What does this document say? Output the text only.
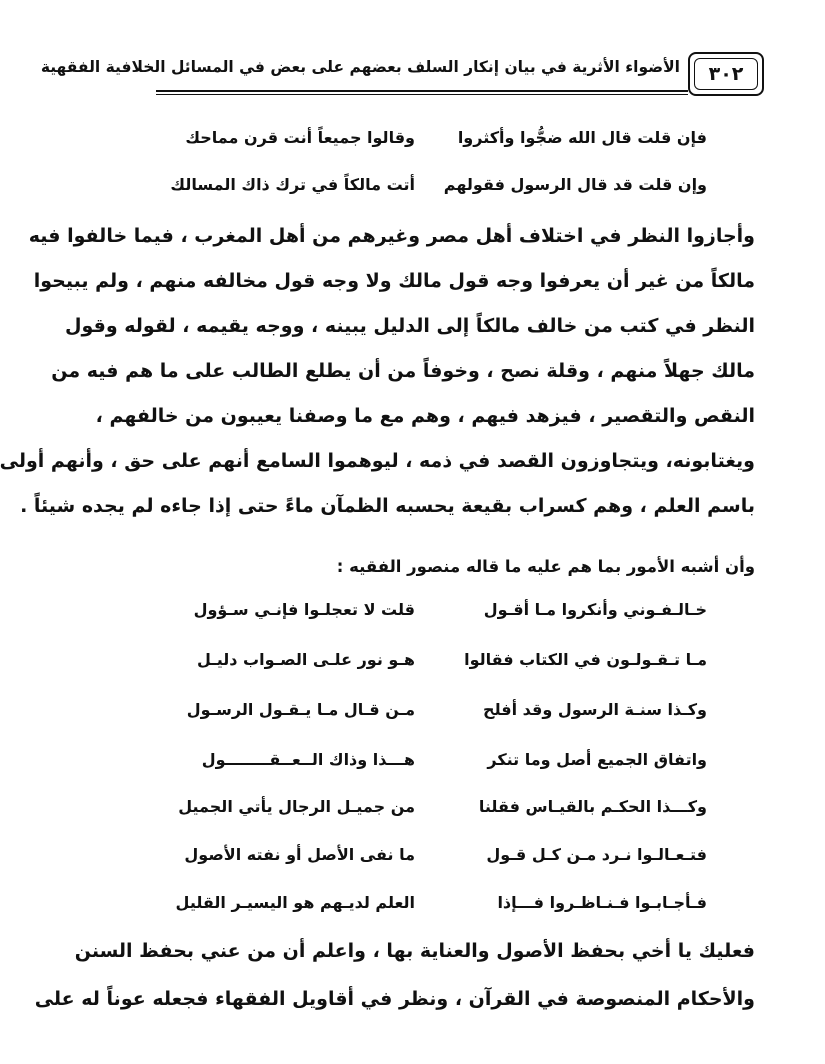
٣٠٢
الأضواء الأثرية في بيان إنكار السلف بعضهم على بعض في المسائل الخلافية الفقهية
فإن قلت قال الله ضجُّوا وأكثروا
وقالوا جميعاً أنت قرن مماحك
وإن قلت قد قال الرسول فقولهم
أتت مالكاً في ترك ذاك المسالك
وأجازوا النظر في اختلاف أهل مصر وغيرهم من أهل المغرب ، فيما خالفوا فيه
مالكاً من غير أن يعرفوا وجه قول مالك ولا وجه قول مخالفه منهم ، ولم يبيحوا
النظر في كتب من خالف مالكاً إلى الدليل يبينه ، ووجه يقيمه ، لقوله وقول
مالك جهلاً منهم ، وقلة نصح ، وخوفاً من أن يطلع الطالب على ما هم فيه من
النقص والتقصير ، فيزهد فيهم ، وهم مع ما وصفنا يعيبون من خالفهم ،
ويغتابونه، ويتجاوزون القصد في ذمه ، ليوهموا السامع أنهم على حق ، وأنهم أولى
باسم العلم ، وهم كسراب بقيعة يحسبه الظمآن ماءً حتى إذا جاءه لم يجده شيئاً .
وأن أشبه الأمور بما هم عليه ما قاله منصور الفقيه :
خـالـفـوني وأنكروا مـا أقـول
قلت لا تعجلـوا فإنـي سـؤول
مـا تـقـولـون في الكتاب فقالوا
هـو نور علـى الصـواب دليـل
وكـذا سنـة الرسول وقد أفلح
مـن قـال مـا يـقـول الرسـول
واتفاق الجميع أصل وما تنكر
هـــذا وذاك الــعــقــــــــول
وكـــذا الحكـم بالقيـاس فقلنا
من جميـل الرجال يأتي الجميل
فتـعـالـوا نـرد مـن كـل قـول
ما نفى الأصل أو نفته الأصول
فـأجـابـوا فـنـاظـروا فـــإذا
العلم لديـهم هو اليسيـر القليل
فعليك يا أخي بحفظ الأصول والعناية بها ، واعلم أن من عني بحفظ السنن
والأحكام المنصوصة في القرآن ، ونظر في أقاويل الفقهاء فجعله عوناً له على
